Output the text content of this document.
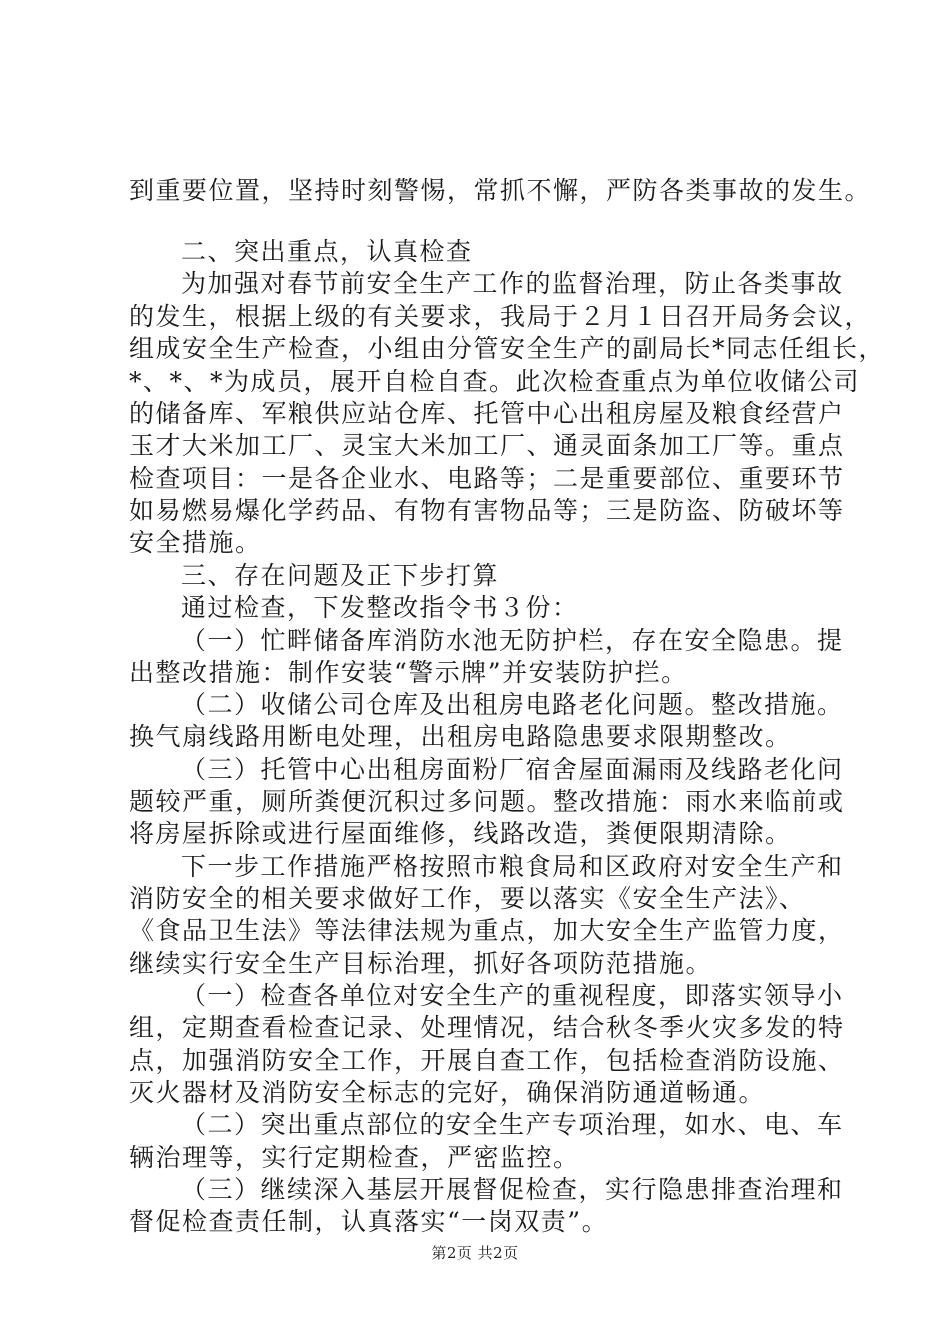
到重要位置，坚持时刻警惕，常抓不懈，严防各类事故的发生。
二、突出重点，认真检查
为加强对春节前安全生产工作的监督治理，防止各类事故
的发生，根据上级的有关要求，我局于２月１日召开局务会议，
组成安全生产检查，小组由分管安全生产的副局长*同志任组长，
*、*、*为成员，展开自检自查。此次检查重点为单位收储公司
的储备库、军粮供应站仓库、托管中心出租房屋及粮食经营户
玉才大米加工厂、灵宝大米加工厂、通灵面条加工厂等。重点
检查项目：一是各企业水、电路等；二是重要部位、重要环节
如易燃易爆化学药品、有物有害物品等；三是防盗、防破坏等
安全措施。
三、存在问题及正下步打算
通过检查，下发整改指令书３份：
（一）忙畔储备库消防水池无防护栏，存在安全隐患。提
出整改措施：制作安装“警示牌”并安装防护拦。
（二）收储公司仓库及出租房电路老化问题。整改措施。
换气扇线路用断电处理，出租房电路隐患要求限期整改。
（三）托管中心出租房面粉厂宿舍屋面漏雨及线路老化问
题较严重，厕所粪便沉积过多问题。整改措施：雨水来临前或
将房屋拆除或进行屋面维修，线路改造，粪便限期清除。
下一步工作措施严格按照市粮食局和区政府对安全生产和
消防安全的相关要求做好工作，要以落实《安全生产法》、
《食品卫生法》等法律法规为重点，加大安全生产监管力度，
继续实行安全生产目标治理，抓好各项防范措施。
（一）检查各单位对安全生产的重视程度，即落实领导小
组，定期查看检查记录、处理情况，结合秋冬季火灾多发的特
点，加强消防安全工作，开展自查工作，包括检查消防设施、
灭火器材及消防安全标志的完好，确保消防通道畅通。
（二）突出重点部位的安全生产专项治理，如水、电、车
辆治理等，实行定期检查，严密监控。
（三）继续深入基层开展督促检查，实行隐患排查治理和
督促检查责任制，认真落实“一岗双责”。
第2页 共2页
